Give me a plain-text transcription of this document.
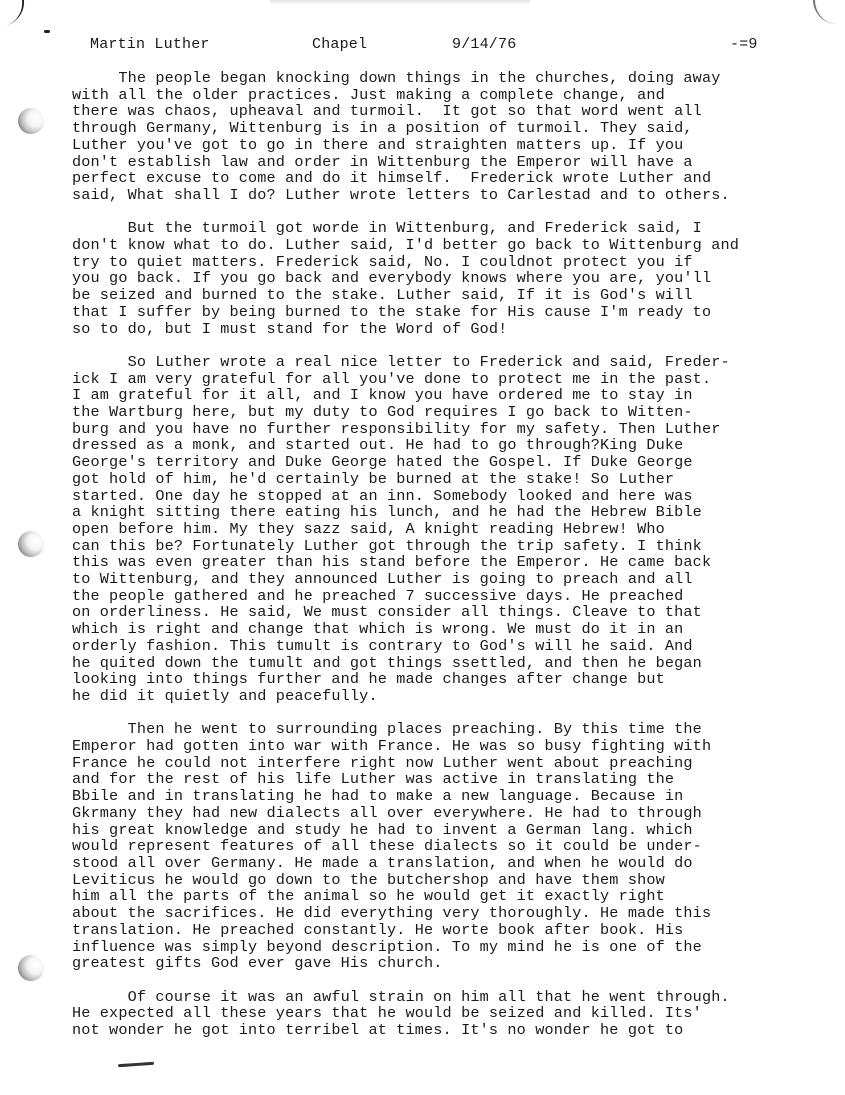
Martin Luther	Chapel	9/14/76	-=9
The people began knocking down things in the churches, doing away
with all the older practices. Just making a complete change, and
there was chaos, upheaval and turmoil.  It got so that word went all
through Germany, Wittenburg is in a position of turmoil. They said,
Luther you've got to go in there and straighten matters up. If you
don't establish law and order in Wittenburg the Emperor will have a
perfect excuse to come and do it himself.  Frederick wrote Luther and
said, What shall I do? Luther wrote letters to Carlestad and to others.
But the turmoil got worde in Wittenburg, and Frederick said, I
don't know what to do. Luther said, I'd better go back to Wittenburg and
try to quiet matters. Frederick said, No. I couldnot protect you if
you go back. If you go back and everybody knows where you are, you'll
be seized and burned to the stake. Luther said, If it is God's will
that I suffer by being burned to the stake for His cause I'm ready to
so to do, but I must stand for the Word of God!
So Luther wrote a real nice letter to Frederick and said, Freder-
ick I am very grateful for all you've done to protect me in the past.
I am grateful for it all, and I know you have ordered me to stay in
the Wartburg here, but my duty to God requires I go back to Witten-
burg and you have no further responsibility for my safety. Then Luther
dressed as a monk, and started out. He had to go through?King Duke
George's territory and Duke George hated the Gospel. If Duke George
got hold of him, he'd certainly be burned at the stake! So Luther
started. One day he stopped at an inn. Somebody looked and here was
a knight sitting there eating his lunch, and he had the Hebrew Bible
open before him. My they sazz said, A knight reading Hebrew! Who
can this be? Fortunately Luther got through the trip safety. I think
this was even greater than his stand before the Emperor. He came back
to Wittenburg, and they announced Luther is going to preach and all
the people gathered and he preached 7 successive days. He preached
on orderliness. He said, We must consider all things. Cleave to that
which is right and change that which is wrong. We must do it in an
orderly fashion. This tumult is contrary to God's will he said. And
he quited down the tumult and got things ssettled, and then he began
looking into things further and he made changes after change but
he did it quietly and peacefully.
Then he went to surrounding places preaching. By this time the
Emperor had gotten into war with France. He was so busy fighting with
France he could not interfere right now Luther went about preaching
and for the rest of his life Luther was active in translating the
Bbile and in translating he had to make a new language. Because in
Gkrmany they had new dialects all over everywhere. He had to through
his great knowledge and study he had to invent a German lang. which
would represent features of all these dialects so it could be under-
stood all over Germany. He made a translation, and when he would do
Leviticus he would go down to the butchershop and have them show
him all the parts of the animal so he would get it exactly right
about the sacrifices. He did everything very thoroughly. He made this
translation. He preached constantly. He worte book after book. His
influence was simply beyond description. To my mind he is one of the
greatest gifts God ever gave His church.
Of course it was an awful strain on him all that he went through.
He expected all these years that he would be seized and killed. Its'
not wonder he got into terribel at times. It's no wonder he got to
